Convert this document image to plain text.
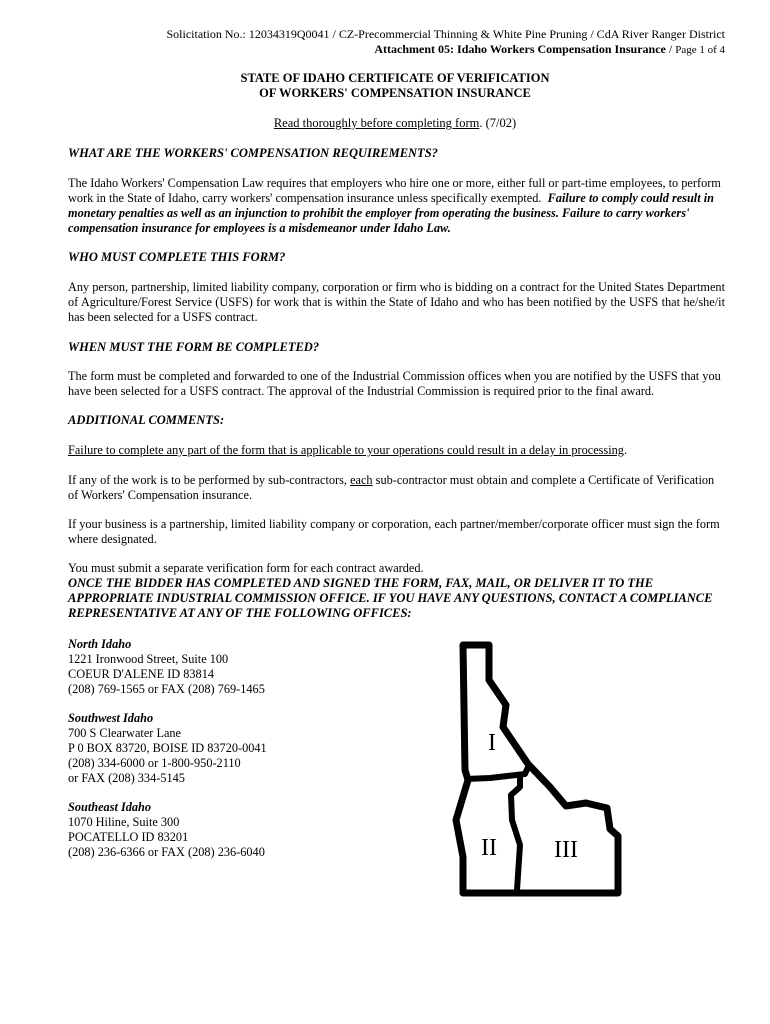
Solicitation No.: 12034319Q0041 / CZ-Precommercial Thinning & White Pine Pruning / CdA River Ranger District
Attachment 05: Idaho Workers Compensation Insurance / Page 1 of 4
STATE OF IDAHO CERTIFICATE OF VERIFICATION
OF WORKERS' COMPENSATION INSURANCE
Read thoroughly before completing form. (7/02)
WHAT ARE THE WORKERS' COMPENSATION REQUIREMENTS?
The Idaho Workers' Compensation Law requires that employers who hire one or more, either full or part-time employees, to perform work in the State of Idaho, carry workers' compensation insurance unless specifically exempted. Failure to comply could result in monetary penalties as well as an injunction to prohibit the employer from operating the business. Failure to carry workers' compensation insurance for employees is a misdemeanor under Idaho Law.
WHO MUST COMPLETE THIS FORM?
Any person, partnership, limited liability company, corporation or firm who is bidding on a contract for the United States Department of Agriculture/Forest Service (USFS) for work that is within the State of Idaho and who has been notified by the USFS that he/she/it has been selected for a USFS contract.
WHEN MUST THE FORM BE COMPLETED?
The form must be completed and forwarded to one of the Industrial Commission offices when you are notified by the USFS that you have been selected for a USFS contract. The approval of the Industrial Commission is required prior to the final award.
ADDITIONAL COMMENTS:
Failure to complete any part of the form that is applicable to your operations could result in a delay in processing.
If any of the work is to be performed by sub-contractors, each sub-contractor must obtain and complete a Certificate of Verification of Workers' Compensation insurance.
If your business is a partnership, limited liability company or corporation, each partner/member/corporate officer must sign the form where designated.
You must submit a separate verification form for each contract awarded.
ONCE THE BIDDER HAS COMPLETED AND SIGNED THE FORM, FAX, MAIL, OR DELIVER IT TO THE APPROPRIATE INDUSTRIAL COMMISSION OFFICE. IF YOU HAVE ANY QUESTIONS, CONTACT A COMPLIANCE REPRESENTATIVE AT ANY OF THE FOLLOWING OFFICES:
North Idaho
1221 Ironwood Street, Suite 100
COEUR D'ALENE ID 83814
(208) 769-1565 or FAX (208) 769-1465
Southwest Idaho
700 S Clearwater Lane
P 0 BOX 83720, BOISE ID 83720-0041
(208) 334-6000 or 1-800-950-2110
or FAX (208) 334-5145
Southeast Idaho
1070 Hiline, Suite 300
POCATELLO ID 83201
(208) 236-6366 or FAX (208) 236-6040
I
II III
